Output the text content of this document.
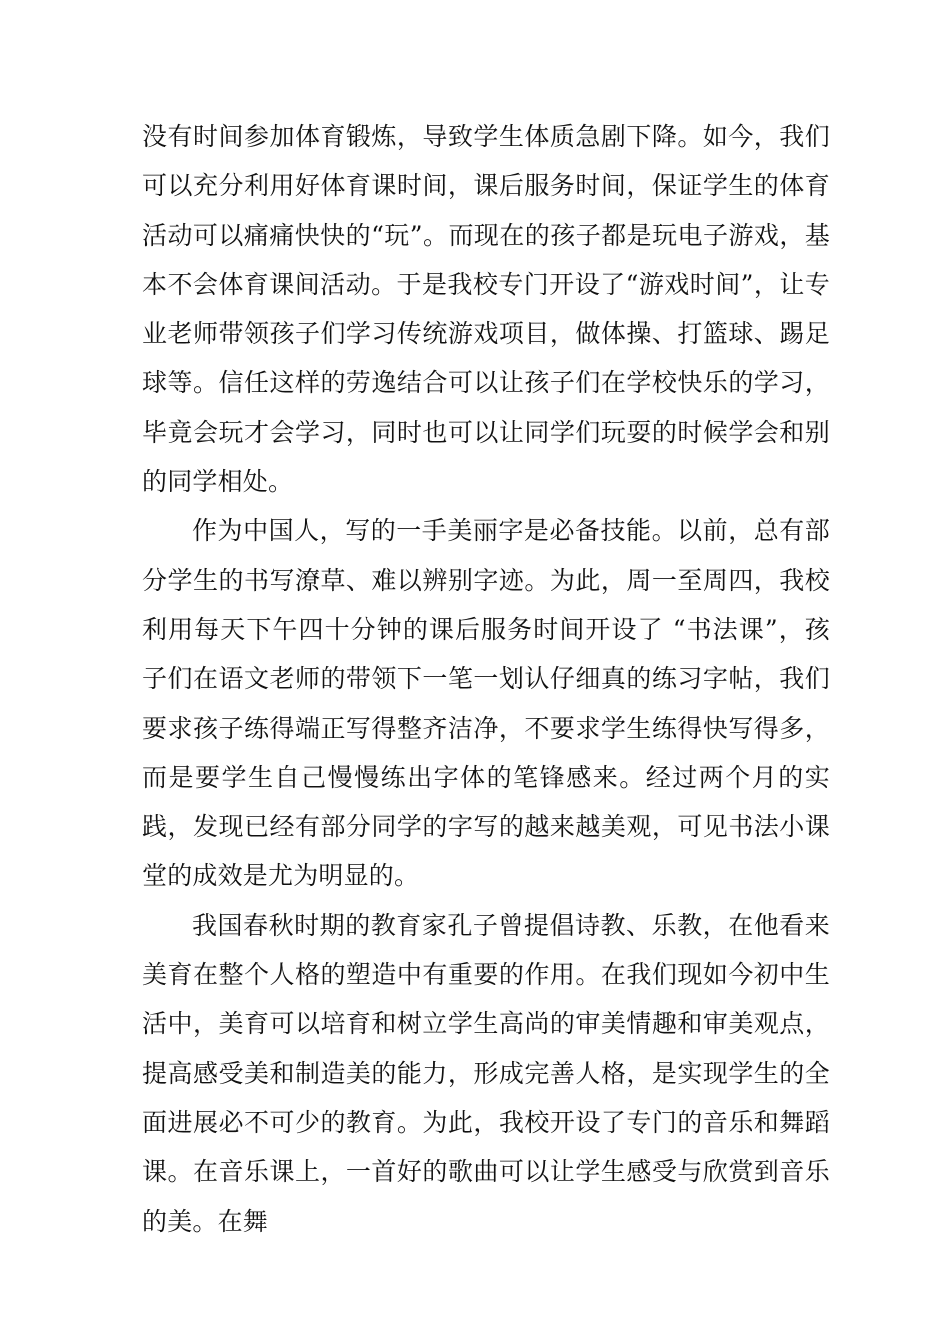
没有时间参加体育锻炼，导致学生体质急剧下降。如今，我们可以充分利用好体育课时间，课后服务时间，保证学生的体育活动可以痛痛快快的“玩”。而现在的孩子都是玩电子游戏，基本不会体育课间活动。于是我校专门开设了“游戏时间”，让专业老师带领孩子们学习传统游戏项目，做体操、打篮球、踢足球等。信任这样的劳逸结合可以让孩子们在学校快乐的学习，毕竟会玩才会学习，同时也可以让同学们玩耍的时候学会和别的同学相处。

作为中国人，写的一手美丽字是必备技能。以前，总有部分学生的书写潦草、难以辨别字迹。为此，周一至周四，我校利用每天下午四十分钟的课后服务时间开设了 “书法课”，孩子们在语文老师的带领下一笔一划认仔细真的练习字帖，我们要求孩子练得端正写得整齐洁净，不要求学生练得快写得多，而是要学生自己慢慢练出字体的笔锋感来。经过两个月的实践，发现已经有部分同学的字写的越来越美观，可见书法小课堂的成效是尤为明显的。

我国春秋时期的教育家孔子曾提倡诗教、乐教，在他看来美育在整个人格的塑造中有重要的作用。在我们现如今初中生活中，美育可以培育和树立学生高尚的审美情趣和审美观点，提高感受美和制造美的能力，形成完善人格，是实现学生的全面进展必不可少的教育。为此，我校开设了专门的音乐和舞蹈课。在音乐课上，一首好的歌曲可以让学生感受与欣赏到音乐的美。在舞
